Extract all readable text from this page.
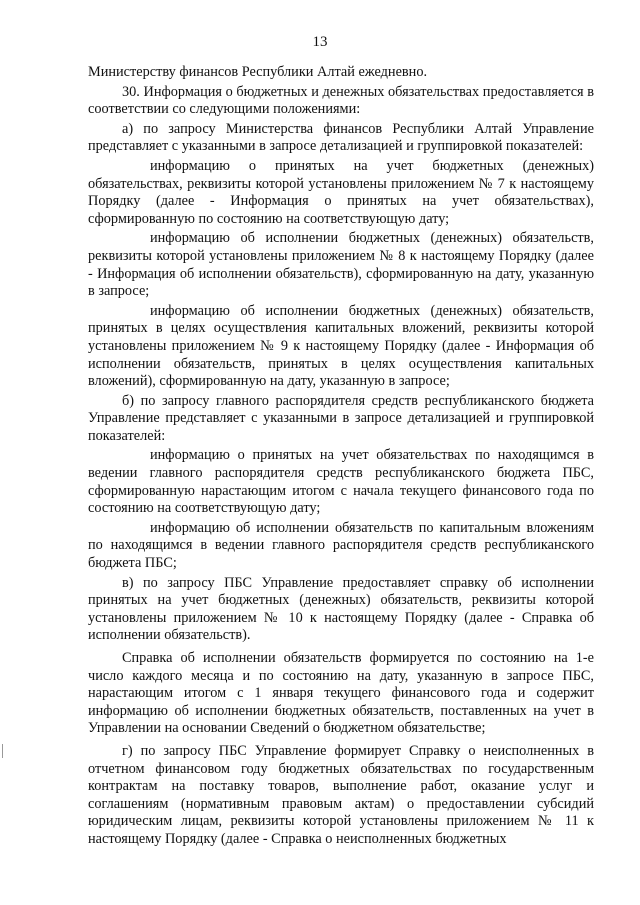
13

Министерству финансов Республики Алтай ежедневно.

30. Информация о бюджетных и денежных обязательствах предоставляется в соответствии со следующими положениями:

а) по запросу Министерства финансов Республики Алтай Управление представляет с указанными в запросе детализацией и группировкой показателей:

информацию о принятых на учет бюджетных (денежных) обязательствах, реквизиты которой установлены приложением № 7 к настоящему Порядку (далее - Информация о принятых на учет обязательствах), сформированную по состоянию на соответствующую дату;

информацию об исполнении бюджетных (денежных) обязательств, реквизиты которой установлены приложением № 8 к настоящему Порядку (далее - Информация об исполнении обязательств), сформированную на дату, указанную в запросе;

информацию об исполнении бюджетных (денежных) обязательств, принятых в целях осуществления капитальных вложений, реквизиты которой установлены приложением № 9 к настоящему Порядку (далее - Информация об исполнении обязательств, принятых в целях осуществления капитальных вложений), сформированную на дату, указанную в запросе;

б) по запросу главного распорядителя средств республиканского бюджета Управление представляет с указанными в запросе детализацией и группировкой показателей:

информацию о принятых на учет обязательствах по находящимся в ведении главного распорядителя средств республиканского бюджета ПБС, сформированную нарастающим итогом с начала текущего финансового года по состоянию на соответствующую дату;

информацию об исполнении обязательств по капитальным вложениям по находящимся в ведении главного распорядителя средств республиканского бюджета ПБС;

в) по запросу ПБС Управление предоставляет справку об исполнении принятых на учет бюджетных (денежных) обязательств, реквизиты которой установлены приложением № 10 к настоящему Порядку (далее - Справка об исполнении обязательств).

Справка об исполнении обязательств формируется по состоянию на 1-е число каждого месяца и по состоянию на дату, указанную в запросе ПБС, нарастающим итогом с 1 января текущего финансового года и содержит информацию об исполнении бюджетных обязательств, поставленных на учет в Управлении на основании Сведений о бюджетном обязательстве;

г) по запросу ПБС Управление формирует Справку о неисполненных в отчетном финансовом году бюджетных обязательствах по государственным контрактам на поставку товаров, выполнение работ, оказание услуг и соглашениям (нормативным правовым актам) о предоставлении субсидий юридическим лицам, реквизиты которой установлены приложением № 11 к настоящему Порядку (далее - Справка о неисполненных бюджетных
